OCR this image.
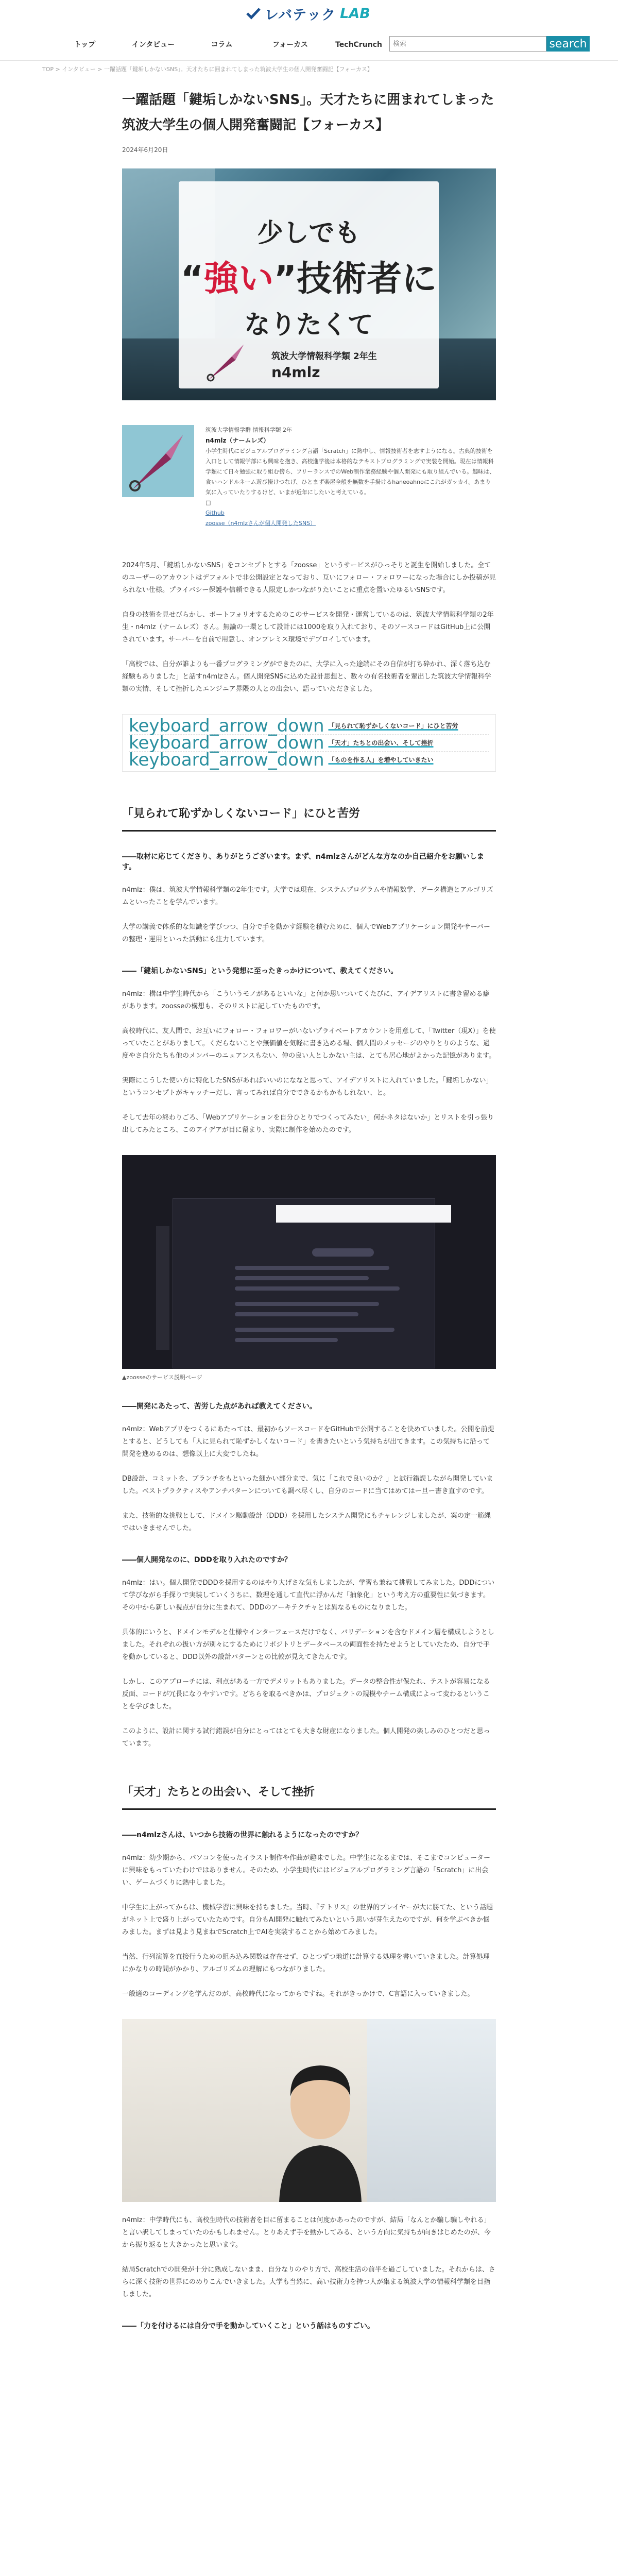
レバテック LAB
トップ	インタビュー	コラム	フォーカス	TechCrunch
検索	search
TOP > インタビュー > 一躍話題「鍵垢しかないSNS」。天才たちに囲まれてしまった筑波大学生の個人開発奮闘記【フォーカス】
一躍話題「鍵垢しかないSNS」。天才たちに囲まれてしまった筑波大学生の個人開発奮闘記【フォーカス】
2024年6月20日
少しでも
“強い”技術者に
なりたくて
筑波大学情報科学類 2年生
n4mlz
筑波大学情報学群 情報科学類 2年
n4mlz（ナームレズ）
小学生時代にビジュアルプログラミング言語「Scratch」に熱中し、情報技術者を志すようになる。古典的技術を入口として情報学部にも興味を抱き、高校進学後は本格的なテキストプログラミングで実装を開始。現在は情報科学類にて日々勉強に取り組む傍ら、フリーランスでのWeb制作業務経験や個人開発にも取り組んでいる。趣味は、食いハンドルネーム遊び掛けつなげ、ひとまず楽屋全般を無数を手掛けるhaneoahnoにこれがガッカイ。あまり気に入っていたりするけど、いまが近年にしたいと考えている。
□
Github
zoosse（n4mlzさんが個人開発したSNS）

2024年5月、「鍵垢しかないSNS」をコンセプトとする「zoosse」というサービスがひっそりと誕生を開始しました。全てのユーザーのアカウントはデフォルトで非公開設定となっており、互いにフォロー・フォロワーになった場合にしか投稿が見られない仕様。プライバシー保護や信頼できる人限定しかつながりたいことに重点を置いたゆるいSNSです。

自身の技術を見せびらかし、ポートフォリオするためのこのサービスを開発・運営しているのは、筑波大学情報科学類の2年生・n4mlz（ナームレズ）さん。無論の一環として設計には1000を取り入れており、そのソースコードはGitHub上に公開されています。サーバーを自前で用意し、オンプレミス環境でデプロイしています。

「高校では、自分が誰よりも一番プログラミングができたのに、大学に入った途端にその自信が打ち砕かれ、深く落ち込む経験もありました」と話すn4mlzさん。個人開発SNSに込めた設計思想と、数々の有名技術者を輩出した筑波大学情報科学類の実情、そして挫折したエンジニア界隈の人との出会い、語っていただきました。

keyboard_arrow_down 「見られて恥ずかしくないコード」にひと苦労
keyboard_arrow_down 「天才」たちとの出会い、そして挫折
keyboard_arrow_down 「ものを作る人」を増やしていきたい
「見られて恥ずかしくないコード」にひと苦労
――取材に応じてくださり、ありがとうございます。まず、n4mlzさんがどんな方なのか自己紹介をお願いします。

n4mlz：僕は、筑波大学情報科学類の2年生です。大学では現在、システムプログラムや情報数学、データ構造とアルゴリズムといったことを学んでいます。

大学の講義で体系的な知識を学びつつ、自分で手を動かす経験を積むために、個人でWebアプリケーション開発やサーバーの整理・運用といった活動にも注力しています。

――「鍵垢しかないSNS」という発想に至ったきっかけについて、教えてください。

n4mlz：構は中学生時代から「こういうモノがあるといいな」と何か思いついてくたびに、アイデアリストに書き留める癖があります。zoosseの構想も、そのリストに記していたものです。

高校時代に、友人間で、お互いにフォロー・フォロワーがいないプライベートアカウントを用意して、「Twitter（現X）」を使っていたことがありまして。くだらないことや無価値を気軽に書き込める場、個人間のメッセージのやりとりのような、過度やさ自分たちも他のメンバーのニュアンスもない、仲の良い人としかない主は、とても居心地がよかった記憶があります。

実際にこうした使い方に特化したSNSがあればいいのにななと思って、アイデアリストに入れていました。「鍵垢しかない」というコンセプトがキャッチーだし、言ってみれば自分でできるかもかもしれない、と。

そして去年の終わりごろ、「Webアプリケーションを自分ひとりでつくってみたい」何かネタはないか」とリストを引っ張り出してみたところ、このアイデアが目に留まり、実際に制作を始めたのです。

▲zoosseのサービス説明ページ
――開発にあたって、苦労した点があれば教えてください。

n4mlz：Webアプリをつくるにあたっては、最初からソースコードをGitHubで公開することを決めていました。公開を前提とすると、どうしても「人に見られて恥ずかしくないコード」を書きたいという気持ちが出てきます。この気持ちに沿って開発を進めるのは、想像以上に大変でしたね。

DB設計、コミットを、ブランチをもといった細かい部分まで、気に「これで良いのか？」と試行錯誤しながら開発していました。ベストプラクティスやアンチパターンについても調べ尽くし、自分のコードに当てはめてはー旦ー書き直すのです。

また、技術的な挑戦として、ドメイン駆動設計（DDD）を採用したシステム開発にもチャレンジしましたが、案の定一筋縄ではいきませんでした。

――個人開発なのに、DDDを取り入れたのですか？

n4mlz：はい。個人開発でDDDを採用するのはやり大げさな気もしましたが、学習も兼ねて挑戦してみました。DDDについて学びながら手探りで実装していくうちに、数理を通して直代に浮かんだ「抽象化」という考え方の重要性に気づきます。その中から新しい視点が自分に生まれて、DDDのアーキテクチャとは異なるものになりました。

具体的にいうと、ドメインモデルと仕様やインターフェースだけでなく、バリデーションを含むドメイン層を構成しようとしました。それぞれの扱い方が別々にするためにリポジトリとデータベースの両面性を持たせようとしていたため、自分で手を動かしていると、DDD以外の設計パターンとの比較が見えてきたんです。

しかし、このアプローチには、利点がある一方でデメリットもありました。データの整合性が保たれ、テストが容易になる反面、コードが冗長になりやすいです。どちらを取るべきかは、プロジェクトの規模やチーム構成によって変わるということを学びました。

このように、設計に関する試行錯誤が自分にとってはとても大きな財産になりました。個人開発の楽しみのひとつだと思っています。

「天才」たちとの出会い、そして挫折
――n4mlzさんは、いつから技術の世界に触れるようになったのですか？

n4mlz：幼少期から、パソコンを使ったイラスト制作や作曲が趣味でした。中学生になるまでは、そこまでコンピューターに興味をもっていたわけではありません。そのため、小学生時代にはビジュアルプログラミング言語の「Scratch」に出会い、ゲームづくりに熱中しました。

中学生に上がってからは、機械学習に興味を持ちました。当時、『テトリス』の世界的プレイヤーが大に勝てた、という話題がネット上で盛り上がっていたためです。自分もAI開発に触れてみたいという思いが芽生えたのですが、何を学ぶべきか悩みました。まずは見よう見まねでScratch上でAIを実装することから始めてみました。

当然、行列演算を直接行うための組み込み関数は存在せず、ひとつずつ地道に計算する処理を書いていきました。計算処理にかなりの時間がかかり、アルゴリズムの理解にもつながりました。

一般適のコーディングを学んだのが、高校時代になってからですね。それがきっかけで、C言語に入っていきました。

n4mlz：中学時代にも、高校生時代の技術者を目に留まることは何度かあったのですが、結局「なんとか騙し騙しやれる」と言い訳してしまっていたのかもしれません。とりあえず手を動かしてみる、という方向に気持ちが向きはじめたのが、今から振り返ると大きかったと思います。

結局Scratchでの開発が十分に熟成しないまま、自分なりのやり方で、高校生活の前半を過ごしていました。それからは、さらに深く技術の世界にのめりこんでいきました。大学も当然に、高い技術力を持つ人が集まる筑波大学の情報科学類を目指しました。

――「力を付けるには自分で手を動かしていくこと」という話はものすごい。
